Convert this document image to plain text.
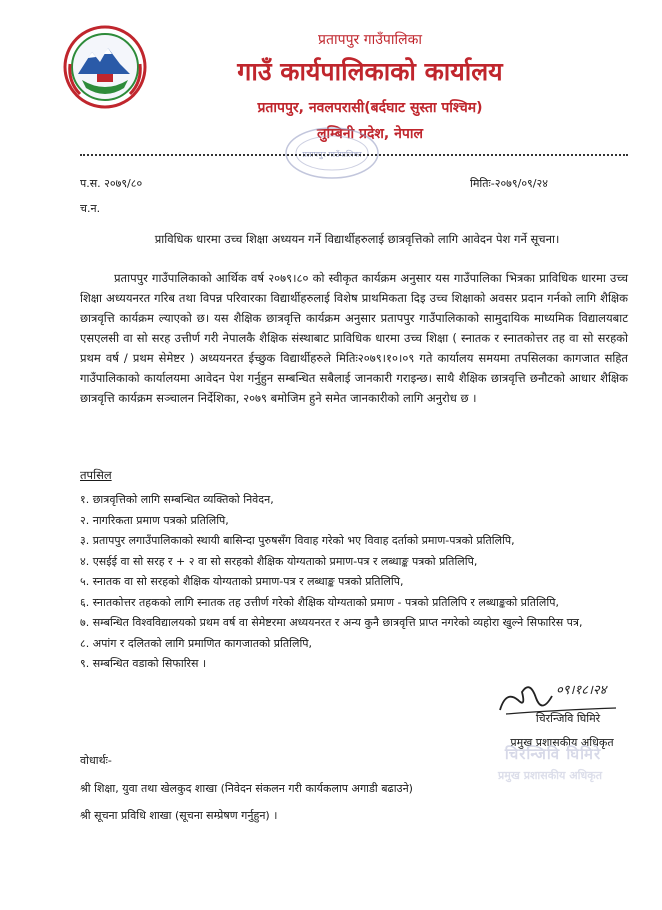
प्रतापपुर गाउँपालिका
गाउँ कार्यपालिकाको कार्यालय
प्रतापपुर, नवलपरासी(बर्दघाट सुस्ता पश्चिम)
लुम्बिनी प्रदेश, नेपाल
प्रतापपुर गाउँपालिका
प.स. २०७९/८०	मितिः-२०७९/०९/२४
च.न.
प्राविधिक धारमा उच्च शिक्षा अध्ययन गर्ने विद्यार्थीहरुलाई छात्रवृत्तिको लागि आवेदन पेश गर्ने सूचना।

प्रतापपुर गाउँपालिकाको आर्थिक वर्ष २०७९।८० को स्वीकृत कार्यक्रम अनुसार यस गाउँपालिका भित्रका प्राविधिक धारमा उच्च शिक्षा अध्ययनरत गरिब तथा विपन्न परिवारका विद्यार्थीहरुलाई विशेष प्राथमिकता दिइ उच्च शिक्षाको अवसर प्रदान गर्नको लागि शैक्षिक छात्रवृत्ति कार्यक्रम ल्याएको छ। यस शैक्षिक छात्रवृत्ति कार्यक्रम अनुसार प्रतापपुर गाउँपालिकाको सामुदायिक माध्यमिक विद्यालयबाट एसएलसी वा सो सरह उत्तीर्ण गरी नेपालकै शैक्षिक संस्थाबाट प्राविधिक धारमा उच्च शिक्षा ( स्नातक र स्नातकोत्तर तह वा सो सरहको प्रथम वर्ष / प्रथम सेमेष्टर ) अध्ययनरत ईच्छुक विद्यार्थीहरुले मितिः२०७९।१०।०९ गते कार्यालय समयमा तपसिलका कागजात सहित गाउँपालिकाको कार्यालयमा आवेदन पेश गर्नुहुन सम्बन्धित सबैलाई जानकारी गराइन्छ। साथै शैक्षिक छात्रवृत्ति छनौटको आधार शैक्षिक छात्रवृत्ति कार्यक्रम सञ्चालन निर्देशिका, २०७९ बमोजिम हुने समेत जानकारीको लागि अनुरोध छ ।

तपसिल
१. छात्रवृत्तिको लागि सम्बन्धित व्यक्तिको निवेदन,
२. नागरिकता प्रमाण पत्रको प्रतिलिपि,
३. प्रतापपुर लगाउँपालिकाको स्थायी बासिन्दा पुरुषसँग विवाह गरेको भए विवाह दर्ताको प्रमाण-पत्रको प्रतिलिपि,
४. एसईई वा सो सरह र + २ वा सो सरहको शैक्षिक योग्यताको प्रमाण-पत्र र लब्धाङ्क पत्रको प्रतिलिपि,
५. स्नातक वा सो सरहको शैक्षिक योग्यताको प्रमाण-पत्र र लब्धाङ्क पत्रको प्रतिलिपि,
६. स्नातकोत्तर तहकको लागि स्नातक तह उत्तीर्ण गरेको शैक्षिक योग्यताको प्रमाण - पत्रको प्रतिलिपि र लब्धाङ्कको प्रतिलिपि,
७. सम्बन्धित विश्वविद्यालयको प्रथम वर्ष वा सेमेष्टरमा अध्ययनरत र अन्य कुनै छात्रवृत्ति प्राप्त नगरेको व्यहोरा खुल्ने सिफारिस पत्र,
८. अपांग र दलितको लागि प्रमाणित कागजातको प्रतिलिपि,
९. सम्बन्धित वडाको सिफारिस ।
०९।१८।२४
चिरन्जिवि घिमिरे
प्रमुख प्रशासकीय अधिकृत
चिरन्जिवि घिमिरे
प्रमुख प्रशासकीय अधिकृत
वोधार्थः-
श्री शिक्षा, युवा तथा खेलकुद शाखा (निवेदन संकलन गरी कार्यकलाप अगाडी बढाउने)
श्री सूचना प्रविधि शाखा (सूचना सम्प्रेषण गर्नुहुन) ।
